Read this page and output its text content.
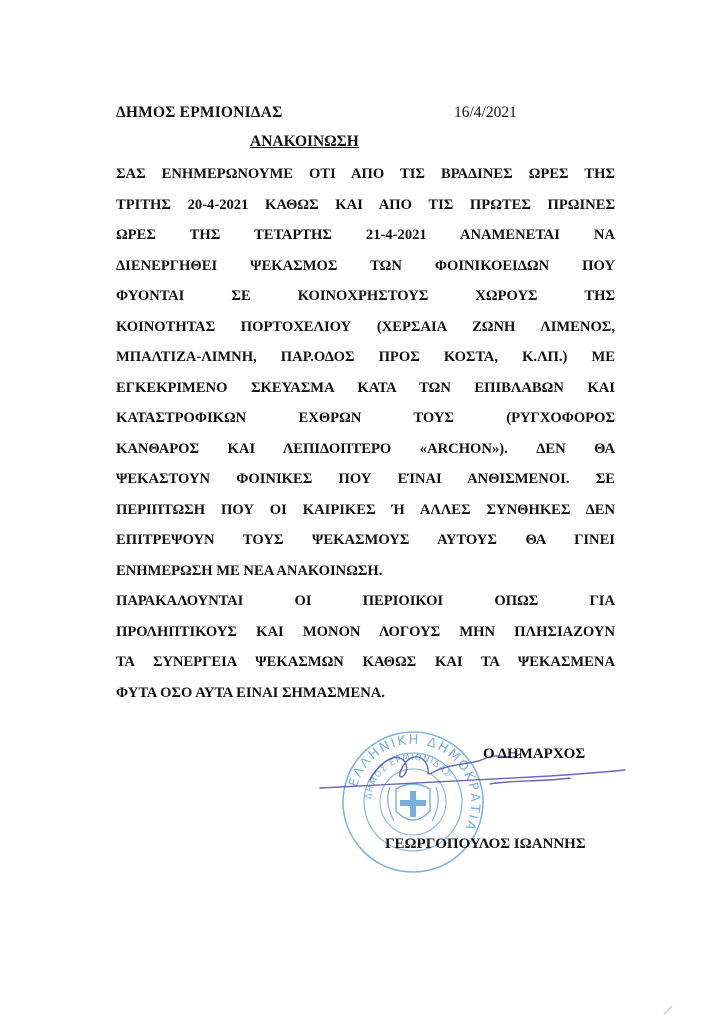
ΔΗΜΟΣ ΕΡΜΙΟΝΙΔΑΣ	16/4/2021
ΑΝΑΚΟΙΝΩΣΗ
ΣΑΣ ΕΝΗΜΕΡΩΝΟΥΜΕ ΟΤΙ ΑΠΟ ΤΙΣ ΒΡΑΔΙΝΕΣ ΩΡΕΣ ΤΗΣ
ΤΡΙΤΗΣ 20-4-2021 ΚΑΘΩΣ ΚΑΙ ΑΠΟ ΤΙΣ ΠΡΩΤΕΣ ΠΡΩΙΝΕΣ
ΩΡΕΣ ΤΗΣ ΤΕΤΑΡΤΗΣ 21-4-2021 ΑΝΑΜΕΝΕΤΑΙ ΝΑ
ΔΙΕΝΕΡΓΗΘΕΙ ΨΕΚΑΣΜΟΣ ΤΩΝ ΦΟΙΝΙΚΟΕΙΔΩΝ ΠΟΥ
ΦΥΟΝΤΑΙ ΣΕ ΚΟΙΝΟΧΡΗΣΤΟΥΣ ΧΩΡΟΥΣ ΤΗΣ
ΚΟΙΝΟΤΗΤΑΣ ΠΟΡΤΟΧΕΛΙΟΥ (ΧΕΡΣΑΙΑ ΖΩΝΗ ΛΙΜΕΝΟΣ,
ΜΠΑΛΤΙΖΑ-ΛΙΜΝΗ, ΠΑΡ.ΟΔΟΣ ΠΡΟΣ ΚΟΣΤΑ, Κ.ΛΠ.) ΜΕ
ΕΓΚΕΚΡΙΜΕΝΟ ΣΚΕΥΑΣΜΑ ΚΑΤΑ ΤΩΝ ΕΠΙΒΛΑΒΩΝ ΚΑΙ
ΚΑΤΑΣΤΡΟΦΙΚΩΝ ΕΧΘΡΩΝ ΤΟΥΣ (ΡΥΓΧΟΦΟΡΟΣ
ΚΑΝΘΑΡΟΣ ΚΑΙ ΛΕΠΙΔΟΠΤΕΡΟ «ARCHON»). ΔΕΝ ΘΑ
ΨΕΚΑΣΤΟΥΝ ΦΟΙΝΙΚΕΣ ΠΟΥ ΕΊΝΑΙ ΑΝΘΙΣΜΕΝΟΙ. ΣΕ
ΠΕΡΙΠΤΩΣΗ ΠΟΥ ΟΙ ΚΑΙΡΙΚΕΣ Ή ΑΛΛΕΣ ΣΥΝΘΗΚΕΣ ΔΕΝ
ΕΠΙΤΡΕΨΟΥΝ ΤΟΥΣ ΨΕΚΑΣΜΟΥΣ ΑΥΤΟΥΣ ΘΑ ΓΙΝΕΙ
ΕΝΗΜΕΡΩΣΗ ΜΕ ΝΕΑ ΑΝΑΚΟΙΝΩΣΗ.
ΠΑΡΑΚΑΛΟΥΝΤΑΙ ΟΙ ΠΕΡΙΟΙΚΟΙ ΟΠΩΣ ΓΙΑ
ΠΡΟΛΗΠΤΙΚΟΥΣ ΚΑΙ ΜΟΝΟΝ ΛΟΓΟΥΣ ΜΗΝ ΠΛΗΣΙΑΖΟΥΝ
ΤΑ ΣΥΝΕΡΓΕΙΑ ΨΕΚΑΣΜΩΝ ΚΑΘΩΣ ΚΑΙ ΤΑ ΨΕΚΑΣΜΕΝΑ
ΦΥΤΑ ΟΣΟ ΑΥΤΑ ΕΙΝΑΙ ΣΗΜΑΣΜΕΝΑ.
ΕΛΛΗΝΙΚΗ ΔΗΜΟΚΡΑΤΙΑ
ΔΗΜΟΣ ΕΡΜΙΟΝΙΔΑΣ
Ο ΔΗΜΑΡΧΟΣ
ΓΕΩΡΓΟΠΟΥΛΟΣ ΙΩΑΝΝΗΣ
